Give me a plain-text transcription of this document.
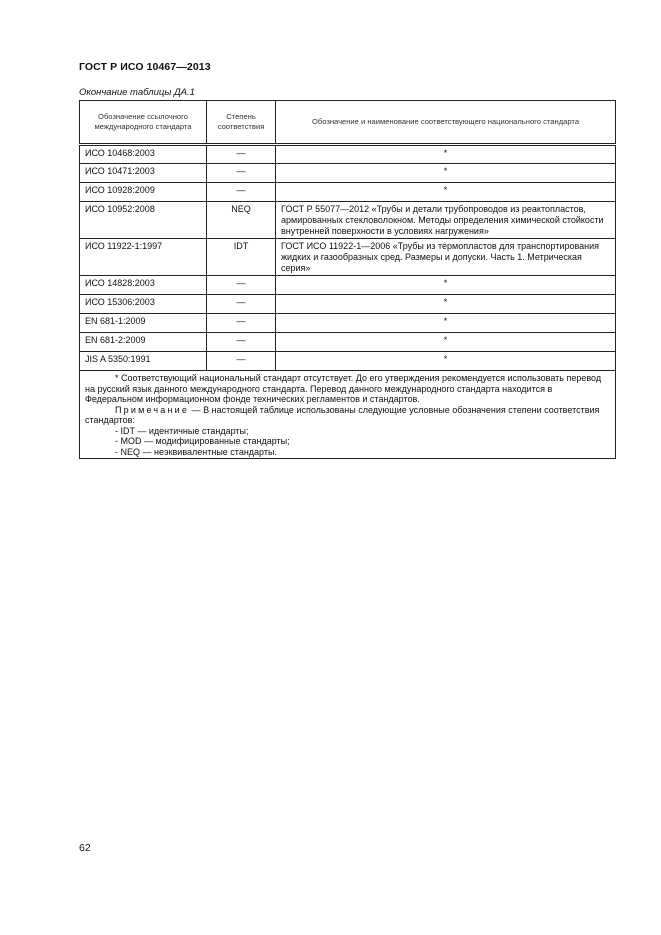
ГОСТ Р ИСО 10467—2013
Окончание таблицы ДА.1
Обозначение ссылочного международного стандарта	Степень соответствия	Обозначение и наименование соответствующего национального стандарта
ИСО 10468:2003	—	*
ИСО 10471:2003	—	*
ИСО 10928:2009	—	*
ИСО 10952:2008	NEQ	ГОСТ Р 55077—2012 «Трубы и детали трубопроводов из реактопластов, армированных стекловолокном. Методы определения химической стойкости внутренней поверхности в условиях нагружения»
ИСО 11922-1:1997	IDT	ГОСТ ИСО 11922-1—2006 «Трубы из термопластов для транспортирования жидких и газообразных сред. Размеры и допуски. Часть 1. Метрическая серия»
ИСО 14828:2003	—	*
ИСО 15306:2003	—	*
EN 681-1:2009	—	*
EN 681-2:2009	—	*
JIS A 5350:1991	—	*

* Соответствующий национальный стандарт отсутствует. До его утверждения рекомендуется использовать перевод на русский язык данного международного стандарта. Перевод данного международного стандарта находится в Федеральном информационном фонде технических регламентов и стандартов.

Примечание — В настоящей таблице использованы следующие условные обозначения степени соответствия стандартов:

- IDT — идентичные стандарты;

- MOD — модифицированные стандарты;

- NEQ — неэквивалентные стандарты.		

62
